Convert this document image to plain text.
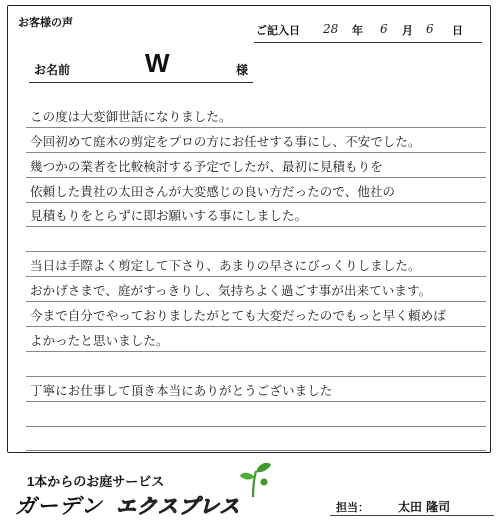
お客様の声
ご記入日 28 年 6 月 6 日
お名前	W	様
この度は大変御世話になりました。
今回初めて庭木の剪定をプロの方にお任せする事にし、不安でした。
幾つかの業者を比較検討する予定でしたが、最初に見積もりを
依頼した貴社の太田さんが大変感じの良い方だったので、他社の
見積もりをとらずに即お願いする事にしました。
当日は手際よく剪定して下さり、あまりの早さにびっくりしました。
おかげさまで、庭がすっきりし、気持ちよく過ごす事が出来ています。
今まで自分でやっておりましたがとても大変だったのでもっと早く頼めば
よかったと思いました。
丁寧にお仕事して頂き本当にありがとうございました
1本からのお庭サービス
ガーデン エクスプレス	担当： 太田 隆司
